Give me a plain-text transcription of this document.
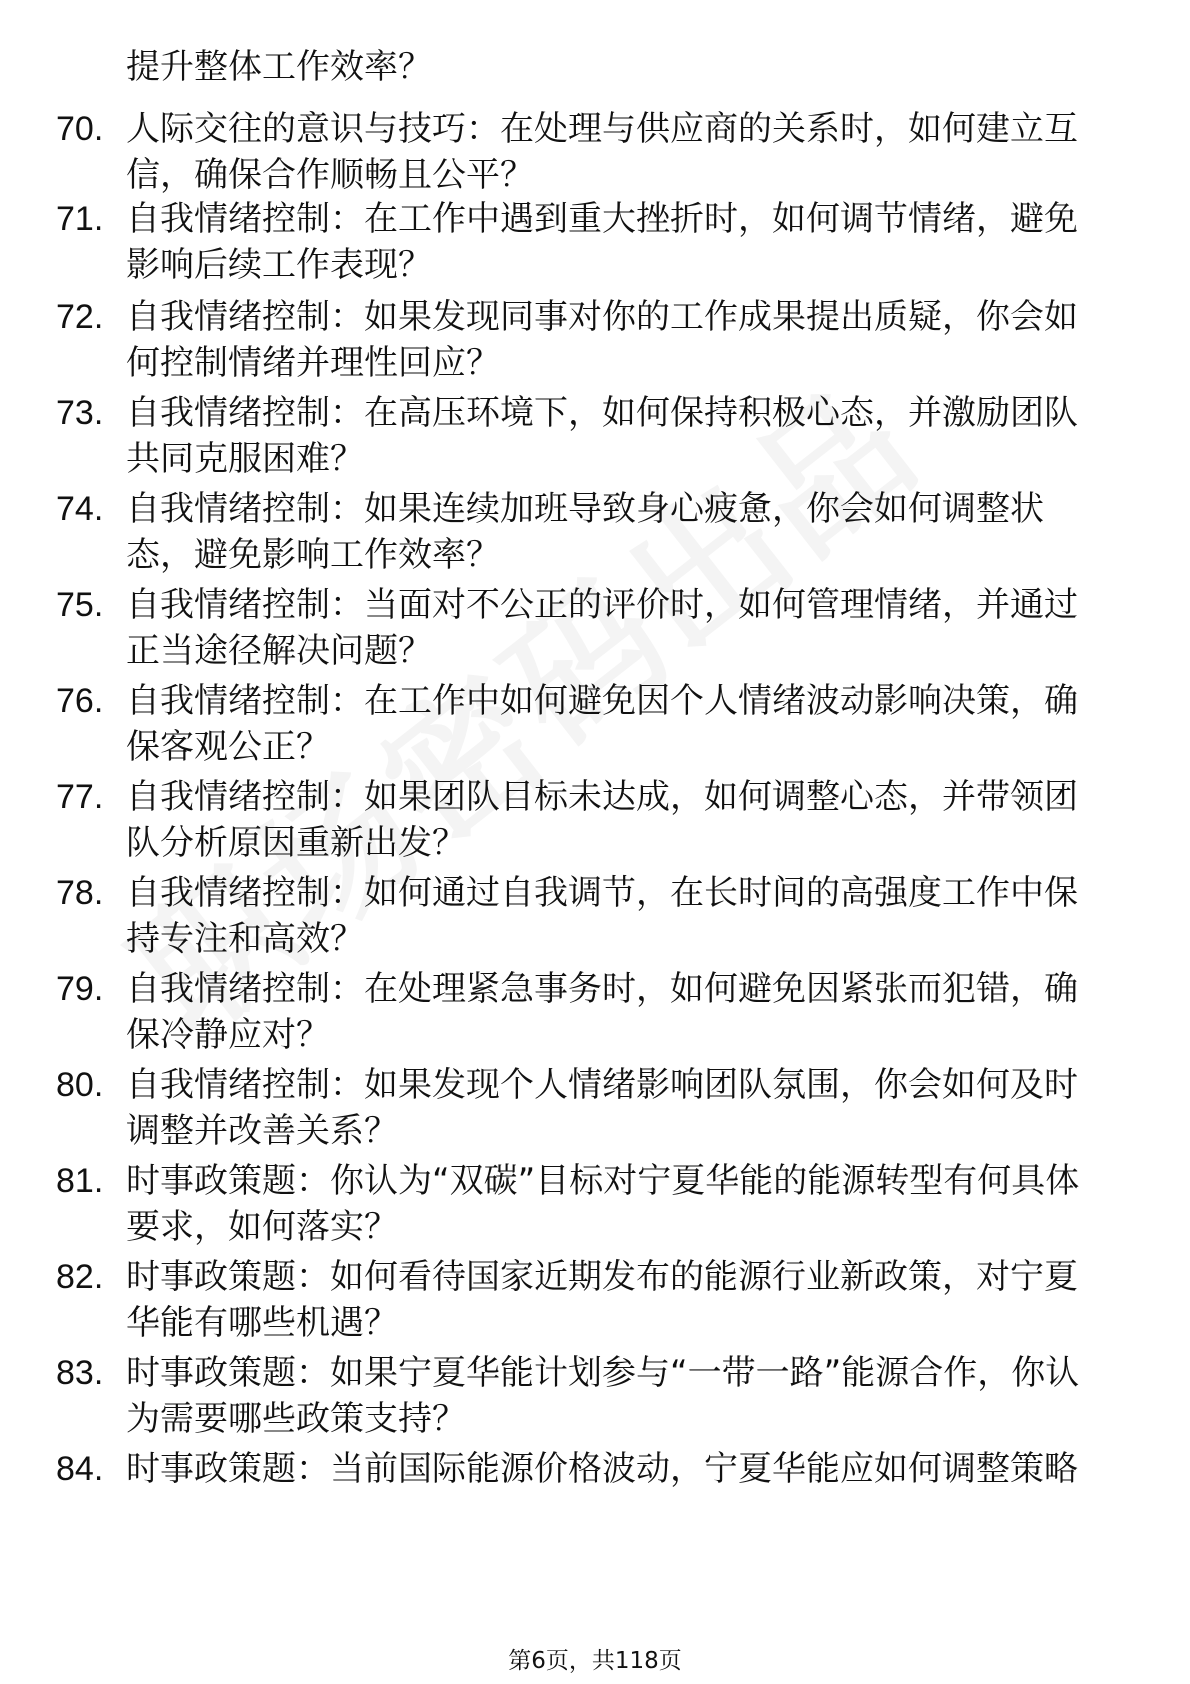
提升整体工作效率？
70. 人际交往的意识与技巧：在处理与供应商的关系时，如何建立互
信，确保合作顺畅且公平？
71. 自我情绪控制：在工作中遇到重大挫折时，如何调节情绪，避免
影响后续工作表现？
72. 自我情绪控制：如果发现同事对你的工作成果提出质疑，你会如
何控制情绪并理性回应？
73. 自我情绪控制：在高压环境下，如何保持积极心态，并激励团队
共同克服困难？
74. 自我情绪控制：如果连续加班导致身心疲惫，你会如何调整状
态，避免影响工作效率？
75. 自我情绪控制：当面对不公正的评价时，如何管理情绪，并通过
正当途径解决问题？
76. 自我情绪控制：在工作中如何避免因个人情绪波动影响决策，确
保客观公正？
77. 自我情绪控制：如果团队目标未达成，如何调整心态，并带领团
队分析原因重新出发？
78. 自我情绪控制：如何通过自我调节，在长时间的高强度工作中保
持专注和高效？
79. 自我情绪控制：在处理紧急事务时，如何避免因紧张而犯错，确
保冷静应对？
80. 自我情绪控制：如果发现个人情绪影响团队氛围，你会如何及时
调整并改善关系？
81. 时事政策题：你认为“双碳”目标对宁夏华能的能源转型有何具体
要求，如何落实？
82. 时事政策题：如何看待国家近期发布的能源行业新政策，对宁夏
华能有哪些机遇？
83. 时事政策题：如果宁夏华能计划参与“一带一路”能源合作，你认
为需要哪些政策支持？
84. 时事政策题：当前国际能源价格波动，宁夏华能应如何调整策略
第6页，共118页
